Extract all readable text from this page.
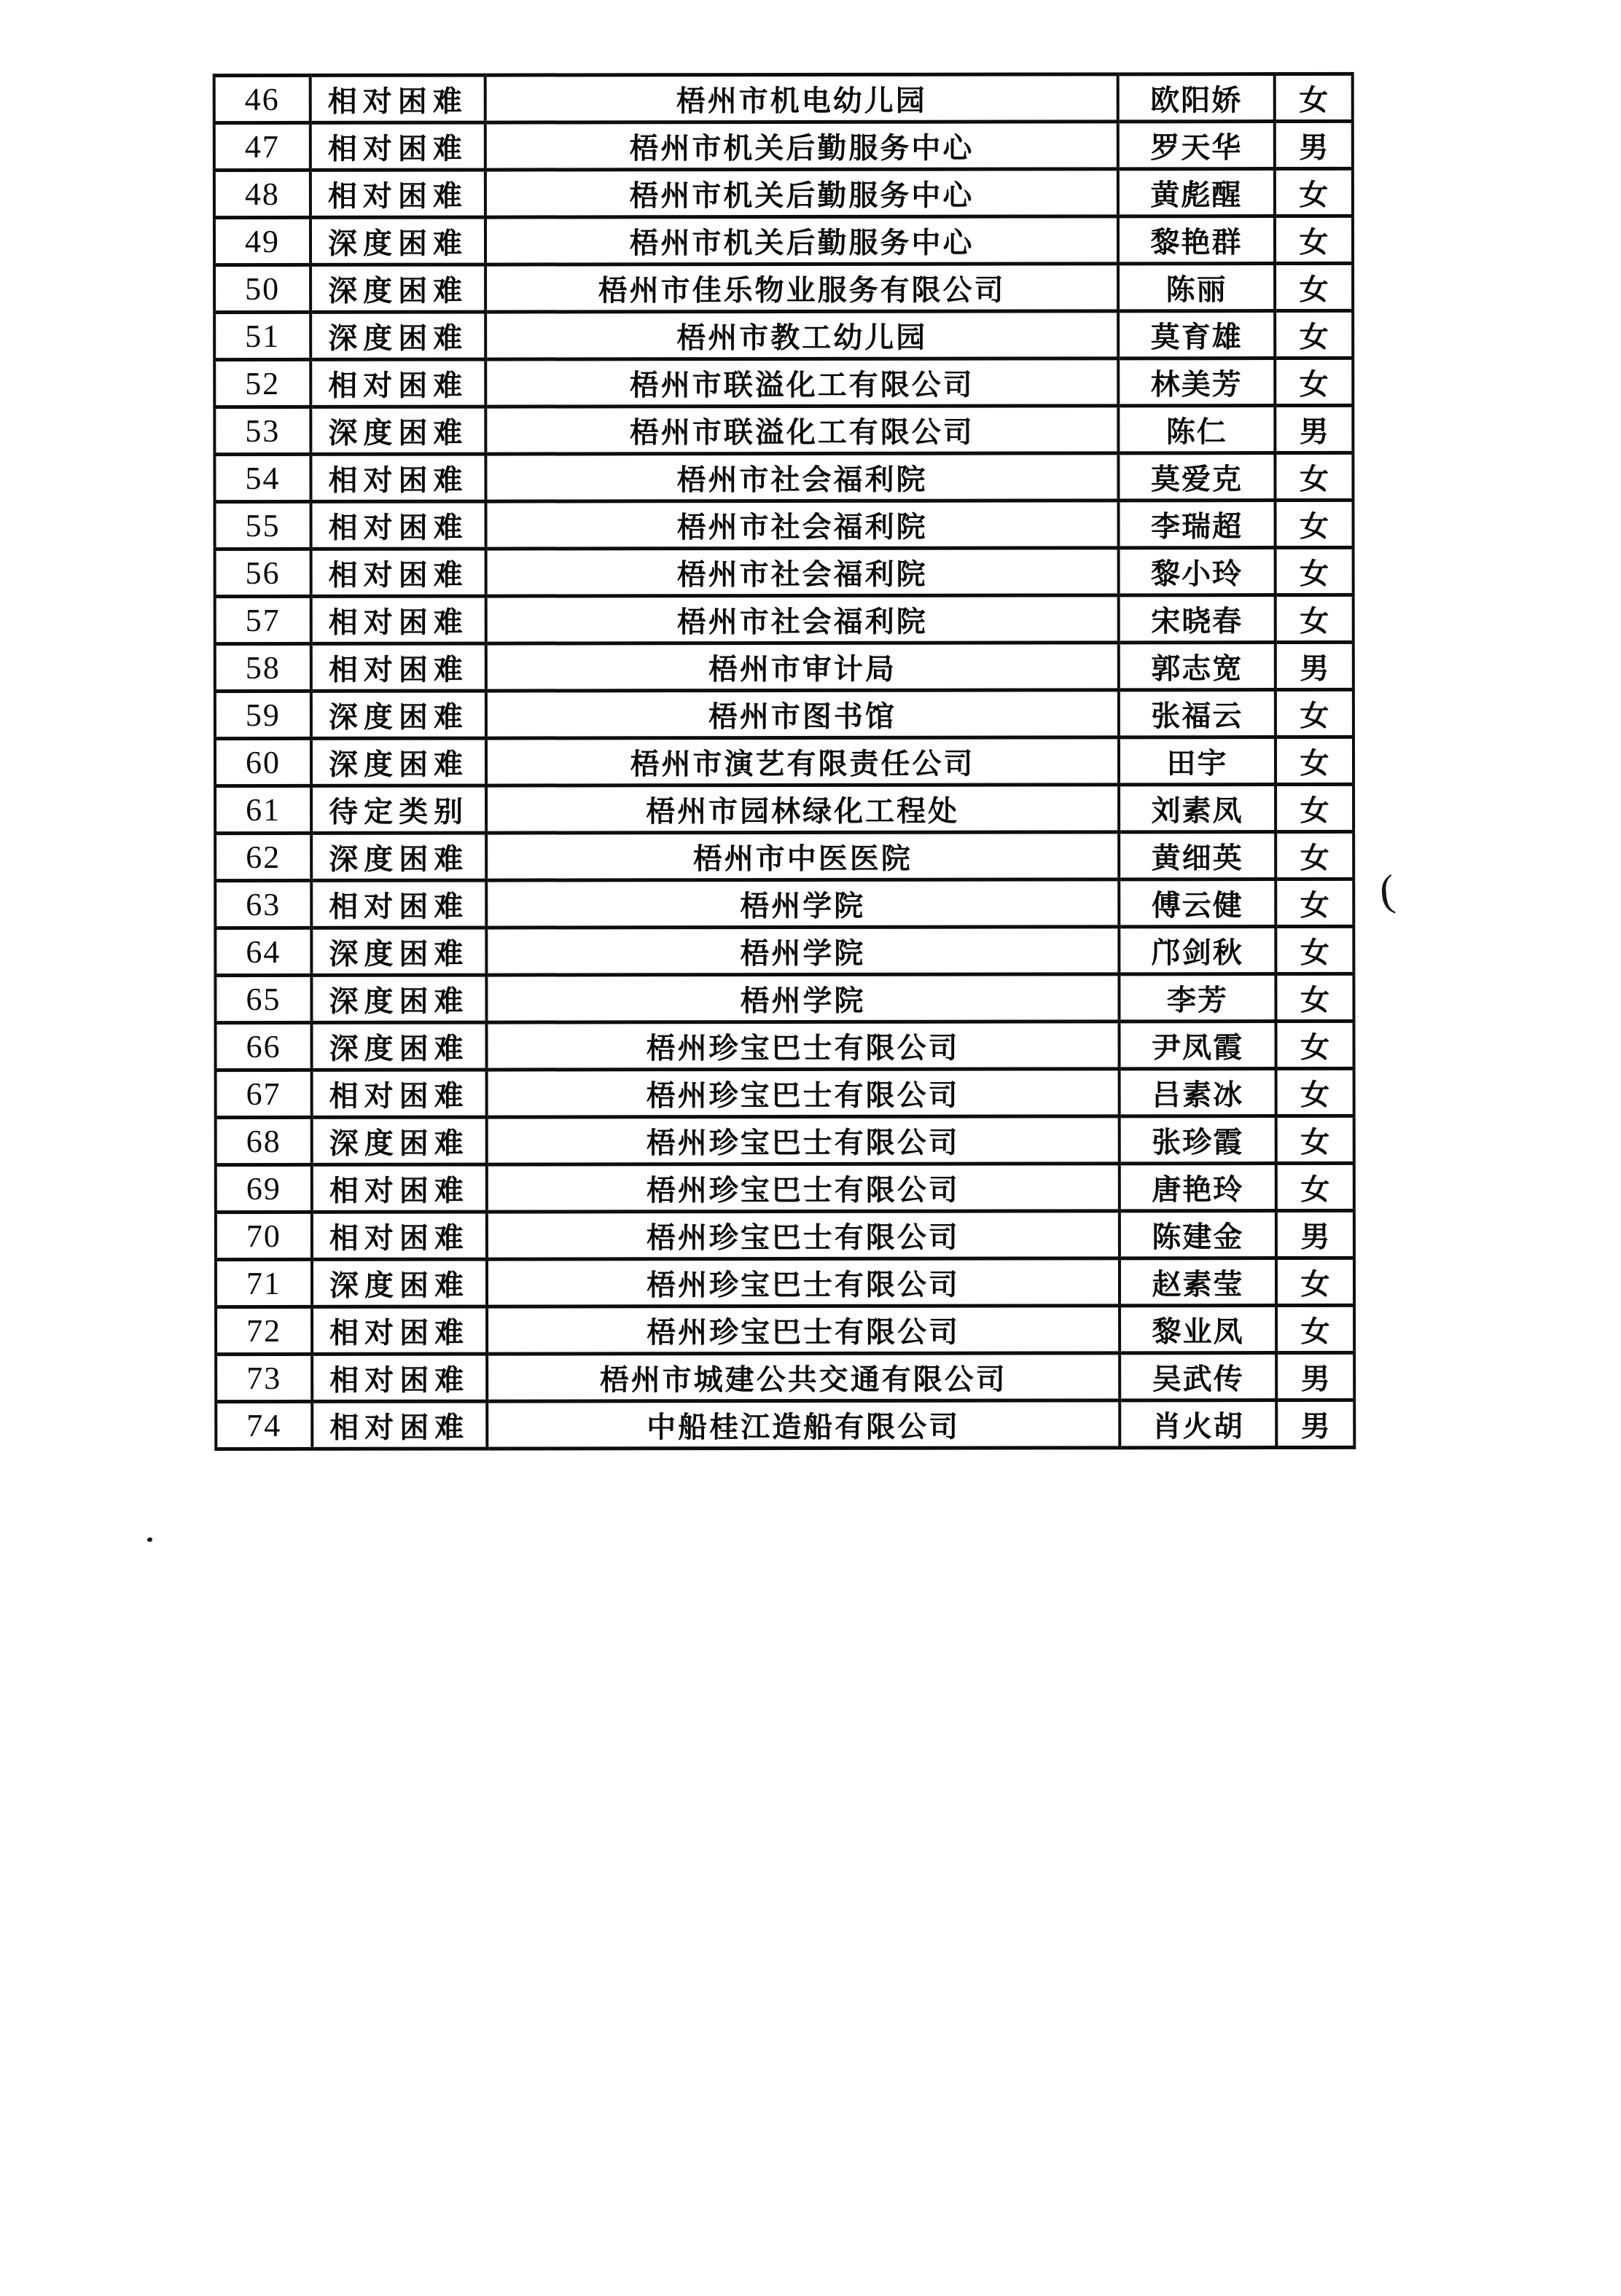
46	相对困难	梧州市机电幼儿园	欧阳娇	女
47	相对困难	梧州市机关后勤服务中心	罗天华	男
48	相对困难	梧州市机关后勤服务中心	黄彪醒	女
49	深度困难	梧州市机关后勤服务中心	黎艳群	女
50	深度困难	梧州市佳乐物业服务有限公司	陈丽	女
51	深度困难	梧州市教工幼儿园	莫育雄	女
52	相对困难	梧州市联溢化工有限公司	林美芳	女
53	深度困难	梧州市联溢化工有限公司	陈仁	男
54	相对困难	梧州市社会福利院	莫爱克	女
55	相对困难	梧州市社会福利院	李瑞超	女
56	相对困难	梧州市社会福利院	黎小玲	女
57	相对困难	梧州市社会福利院	宋晓春	女
58	相对困难	梧州市审计局	郭志宽	男
59	深度困难	梧州市图书馆	张福云	女
60	深度困难	梧州市演艺有限责任公司	田宇	女
61	待定类别	梧州市园林绿化工程处	刘素凤	女
62	深度困难	梧州市中医医院	黄细英	女
63	相对困难	梧州学院	傅云健	女
64	深度困难	梧州学院	邝剑秋	女
65	深度困难	梧州学院	李芳	女
66	深度困难	梧州珍宝巴士有限公司	尹凤霞	女
67	相对困难	梧州珍宝巴士有限公司	吕素冰	女
68	深度困难	梧州珍宝巴士有限公司	张珍霞	女
69	相对困难	梧州珍宝巴士有限公司	唐艳玲	女
70	相对困难	梧州珍宝巴士有限公司	陈建金	男
71	深度困难	梧州珍宝巴士有限公司	赵素莹	女
72	相对困难	梧州珍宝巴士有限公司	黎业凤	女
73	相对困难	梧州市城建公共交通有限公司	吴武传	男
74	相对困难	中船桂江造船有限公司	肖火胡	男
(
